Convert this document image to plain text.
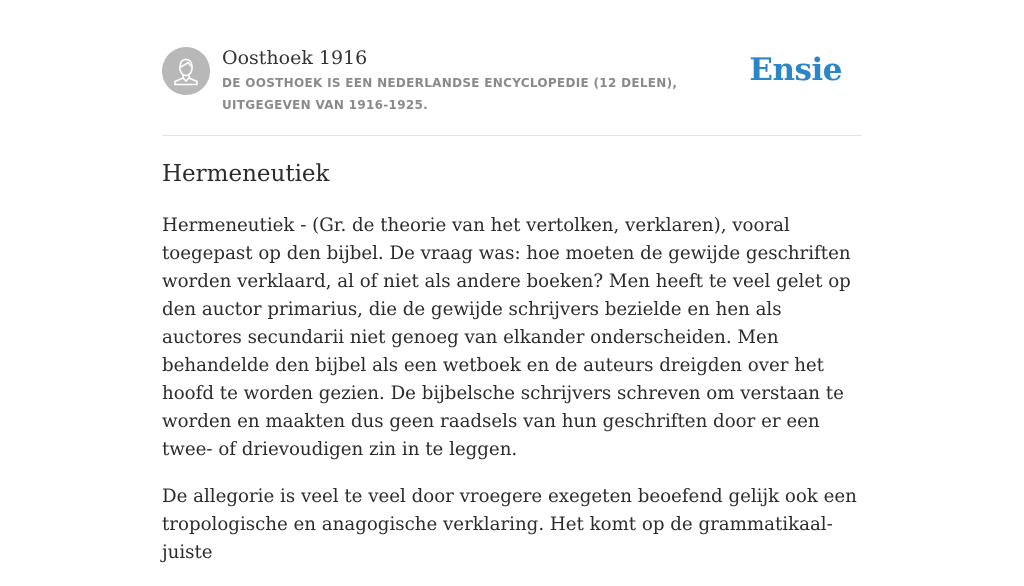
Oosthoek 1916
DE OOSTHOEK IS EEN NEDERLANDSE ENCYCLOPEDIE (12 DELEN), UITGEGEVEN VAN 1916-1925.
Ensie
Hermeneutiek

Hermeneutiek - (Gr. de theorie van het vertolken, verklaren), vooral toegepast op den bijbel. De vraag was: hoe moeten de gewijde geschriften worden verklaard, al of niet als andere boeken? Men heeft te veel gelet op den auctor primarius, die de gewijde schrijvers bezielde en hen als auctores secundarii niet genoeg van elkander onderscheiden. Men behandelde den bijbel als een wetboek en de auteurs dreigden over het hoofd te worden gezien. De bijbelsche schrijvers schreven om verstaan te worden en maakten dus geen raadsels van hun geschriften door er een twee- of drievoudigen zin in te leggen.

De allegorie is veel te veel door vroegere exegeten beoefend gelijk ook een tropologische en anagogische verklaring. Het komt op de grammatikaal-juiste
